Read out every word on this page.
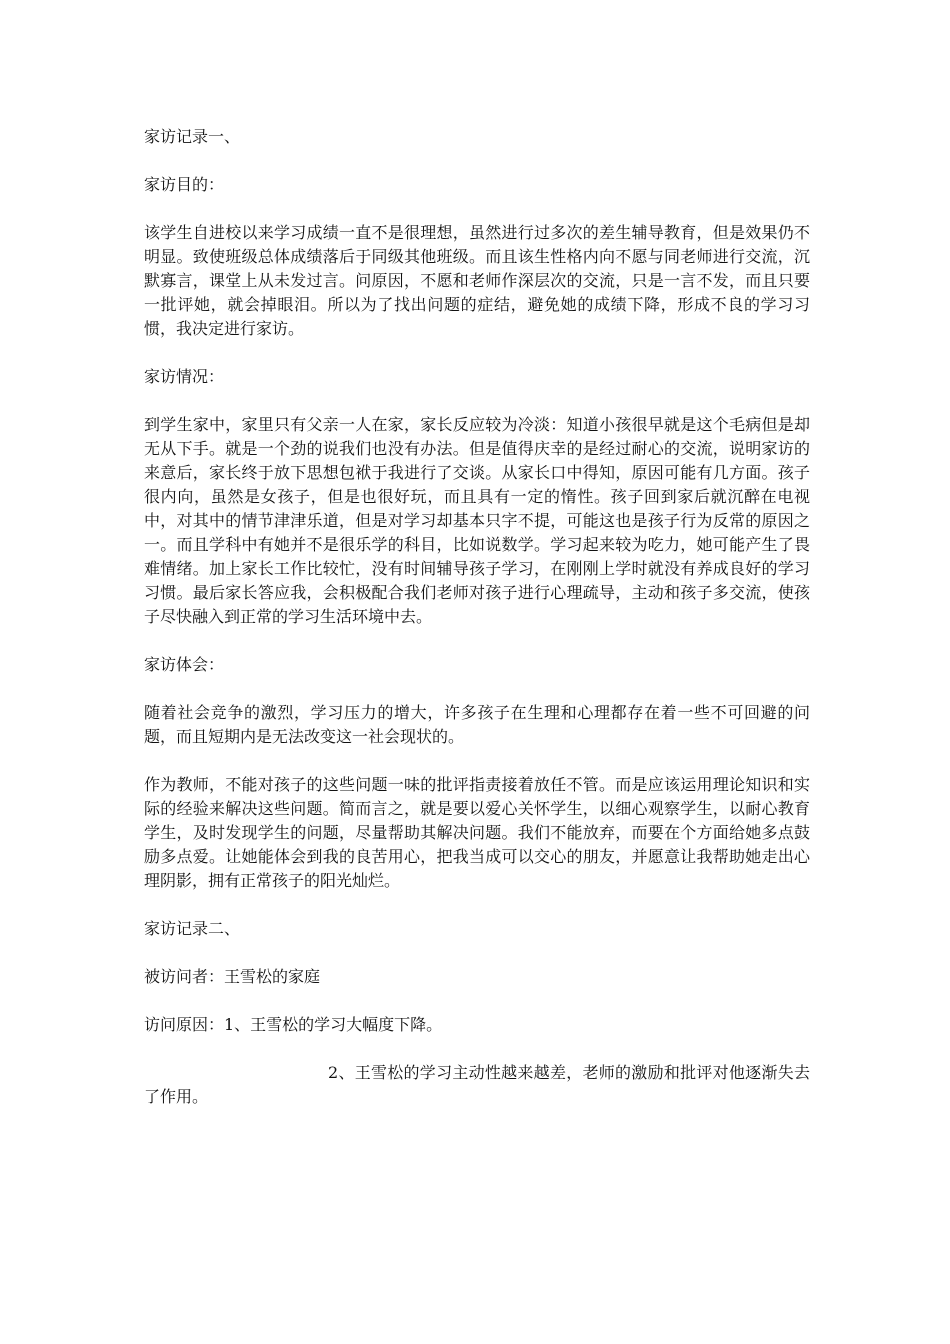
家访记录一、

家访目的：

该学生自进校以来学习成绩一直不是很理想，虽然进行过多次的差生辅导教育，但是效果仍不明显。致使班级总体成绩落后于同级其他班级。而且该生性格内向不愿与同老师进行交流，沉默寡言，课堂上从未发过言。问原因，不愿和老师作深层次的交流，只是一言不发，而且只要一批评她，就会掉眼泪。所以为了找出问题的症结，避免她的成绩下降，形成不良的学习习惯，我决定进行家访。

家访情况：

到学生家中，家里只有父亲一人在家，家长反应较为冷淡：知道小孩很早就是这个毛病但是却无从下手。就是一个劲的说我们也没有办法。但是值得庆幸的是经过耐心的交流，说明家访的来意后，家长终于放下思想包袱于我进行了交谈。从家长口中得知，原因可能有几方面。孩子很内向，虽然是女孩子，但是也很好玩，而且具有一定的惰性。孩子回到家后就沉醉在电视中，对其中的情节津津乐道，但是对学习却基本只字不提，可能这也是孩子行为反常的原因之一。而且学科中有她并不是很乐学的科目，比如说数学。学习起来较为吃力，她可能产生了畏难情绪。加上家长工作比较忙，没有时间辅导孩子学习，在刚刚上学时就没有养成良好的学习习惯。最后家长答应我，会积极配合我们老师对孩子进行心理疏导，主动和孩子多交流，使孩子尽快融入到正常的学习生活环境中去。

家访体会：

随着社会竞争的激烈，学习压力的增大，许多孩子在生理和心理都存在着一些不可回避的问题，而且短期内是无法改变这一社会现状的。

作为教师，不能对孩子的这些问题一味的批评指责接着放任不管。而是应该运用理论知识和实际的经验来解决这些问题。简而言之，就是要以爱心关怀学生，以细心观察学生，以耐心教育学生，及时发现学生的问题，尽量帮助其解决问题。我们不能放弃，而要在个方面给她多点鼓励多点爱。让她能体会到我的良苦用心，把我当成可以交心的朋友，并愿意让我帮助她走出心理阴影，拥有正常孩子的阳光灿烂。

家访记录二、

被访问者：王雪松的家庭

访问原因：1、王雪松的学习大幅度下降。

2、王雪松的学习主动性越来越差，老师的激励和批评对他逐渐失去了作用。
